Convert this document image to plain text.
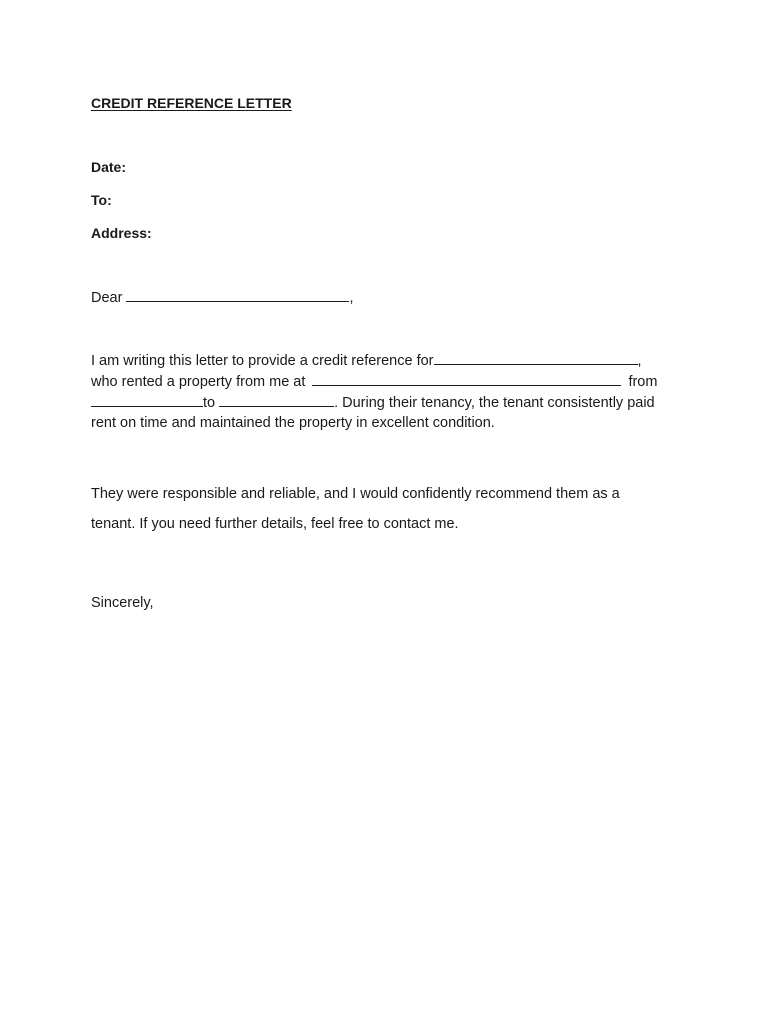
CREDIT REFERENCE LETTER
Date:
To:
Address:
Dear	,
I am writing this letter to provide a credit reference for	,
who rented a property from me at	from
to	. During their tenancy, the tenant consistently paid
rent on time and maintained the property in excellent condition.
They were responsible and reliable, and I would confidently recommend them as a
tenant. If you need further details, feel free to contact me.
Sincerely,
